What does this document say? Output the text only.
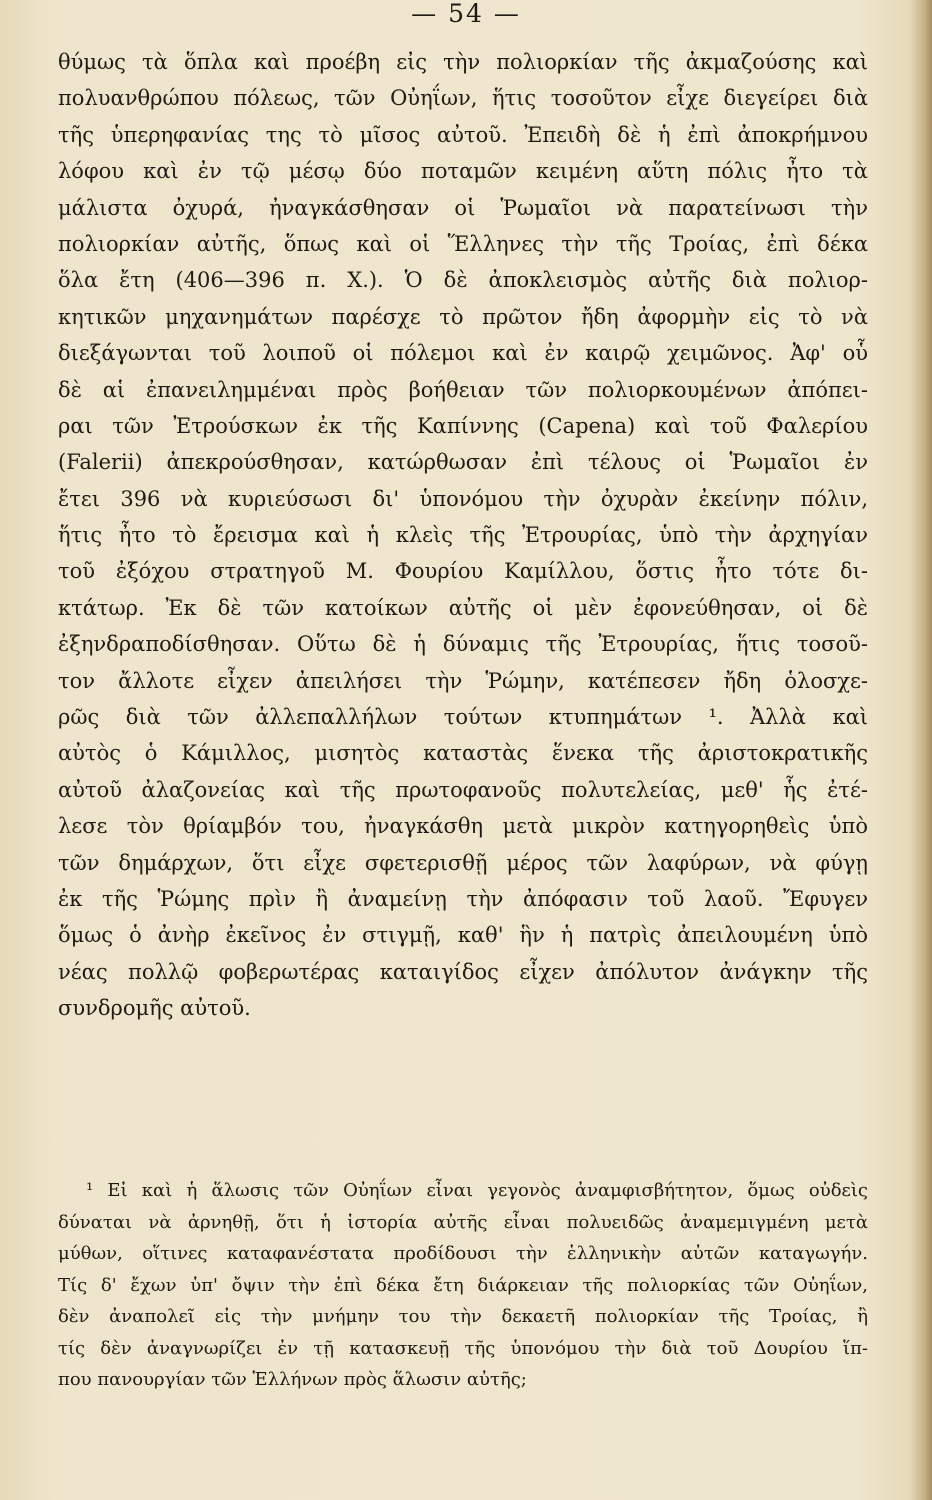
— 54 —
θύμως τὰ ὅπλα καὶ προέβη εἰς τὴν πολιορκίαν τῆς ἀκμαζούσης καὶ
πολυανθρώπου πόλεως, τῶν Οὐηΐων, ἥτις τοσοῦτον εἶχε διεγείρει διὰ
τῆς ὑπερηφανίας της τὸ μῖσος αὐτοῦ. Ἐπειδὴ δὲ ἡ ἐπὶ ἀποκρήμνου
λόφου καὶ ἐν τῷ μέσῳ δύο ποταμῶν κειμένη αὕτη πόλις ἦτο τὰ
μάλιστα ὀχυρά, ἠναγκάσθησαν οἱ Ῥωμαῖοι νὰ παρατείνωσι τὴν
πολιορκίαν αὐτῆς, ὅπως καὶ οἱ Ἕλληνες τὴν τῆς Τροίας, ἐπὶ δέκα
ὅλα ἔτη (406—396 π. Χ.). Ὁ δὲ ἀποκλεισμὸς αὐτῆς διὰ πολιορ-
κητικῶν μηχανημάτων παρέσχε τὸ πρῶτον ἤδη ἀφορμὴν εἰς τὸ νὰ
διεξάγωνται τοῦ λοιποῦ οἱ πόλεμοι καὶ ἐν καιρῷ χειμῶνος. Ἀφ' οὗ
δὲ αἱ ἐπανειλημμέναι πρὸς βοήθειαν τῶν πολιορκουμένων ἀπόπει-
ραι τῶν Ἐτρούσκων ἐκ τῆς Καπίννης (Capena) καὶ τοῦ Φαλερίου
(Falerii) ἀπεκρούσθησαν, κατώρθωσαν ἐπὶ τέλους οἱ Ῥωμαῖοι ἐν
ἔτει 396 νὰ κυριεύσωσι δι' ὑπονόμου τὴν ὀχυρὰν ἐκείνην πόλιν,
ἥτις ἦτο τὸ ἔρεισμα καὶ ἡ κλεὶς τῆς Ἐτρουρίας, ὑπὸ τὴν ἀρχηγίαν
τοῦ ἐξόχου στρατηγοῦ Μ. Φουρίου Καμίλλου, ὅστις ἦτο τότε δι-
κτάτωρ. Ἐκ δὲ τῶν κατοίκων αὐτῆς οἱ μὲν ἐφονεύθησαν, οἱ δὲ
ἐξηνδραποδίσθησαν. Οὕτω δὲ ἡ δύναμις τῆς Ἐτρουρίας, ἥτις τοσοῦ-
τον ἄλλοτε εἶχεν ἀπειλήσει τὴν Ῥώμην, κατέπεσεν ἤδη ὁλοσχε-
ρῶς διὰ τῶν ἀλλεπαλλήλων τούτων κτυπημάτων ¹. Ἀλλὰ καὶ
αὐτὸς ὁ Κάμιλλος, μισητὸς καταστὰς ἕνεκα τῆς ἀριστοκρατικῆς
αὐτοῦ ἀλαζονείας καὶ τῆς πρωτοφανοῦς πολυτελείας, μεθ' ἧς ἐτέ-
λεσε τὸν θρίαμβόν του, ἠναγκάσθη μετὰ μικρὸν κατηγορηθεὶς ὑπὸ
τῶν δημάρχων, ὅτι εἶχε σφετερισθῇ μέρος τῶν λαφύρων, νὰ φύγῃ
ἐκ τῆς Ῥώμης πρὶν ἢ ἀναμείνῃ τὴν ἀπόφασιν τοῦ λαοῦ. Ἔφυγεν
ὅμως ὁ ἀνὴρ ἐκεῖνος ἐν στιγμῇ, καθ' ἣν ἡ πατρὶς ἀπειλουμένη ὑπὸ
νέας πολλῷ φοβερωτέρας καταιγίδος εἶχεν ἀπόλυτον ἀνάγκην τῆς
συνδρομῆς αὐτοῦ.
¹ Εἰ καὶ ἡ ἅλωσις τῶν Οὐηΐων εἶναι γεγονὸς ἀναμφισβήτητον, ὅμως οὐδεὶς
δύναται νὰ ἀρνηθῇ, ὅτι ἡ ἱστορία αὐτῆς εἶναι πολυειδῶς ἀναμεμιγμένη μετὰ
μύθων, οἵτινες καταφανέστατα προδίδουσι τὴν ἑλληνικὴν αὐτῶν καταγωγήν.
Τίς δ' ἔχων ὑπ' ὄψιν τὴν ἐπὶ δέκα ἔτη διάρκειαν τῆς πολιορκίας τῶν Οὐηΐων,
δὲν ἀναπολεῖ εἰς τὴν μνήμην του τὴν δεκαετῆ πολιορκίαν τῆς Τροίας, ἢ
τίς δὲν ἀναγνωρίζει ἐν τῇ κατασκευῇ τῆς ὑπονόμου τὴν διὰ τοῦ Δουρίου ἵπ-
που πανουργίαν τῶν Ἑλλήνων πρὸς ἅλωσιν αὐτῆς;
